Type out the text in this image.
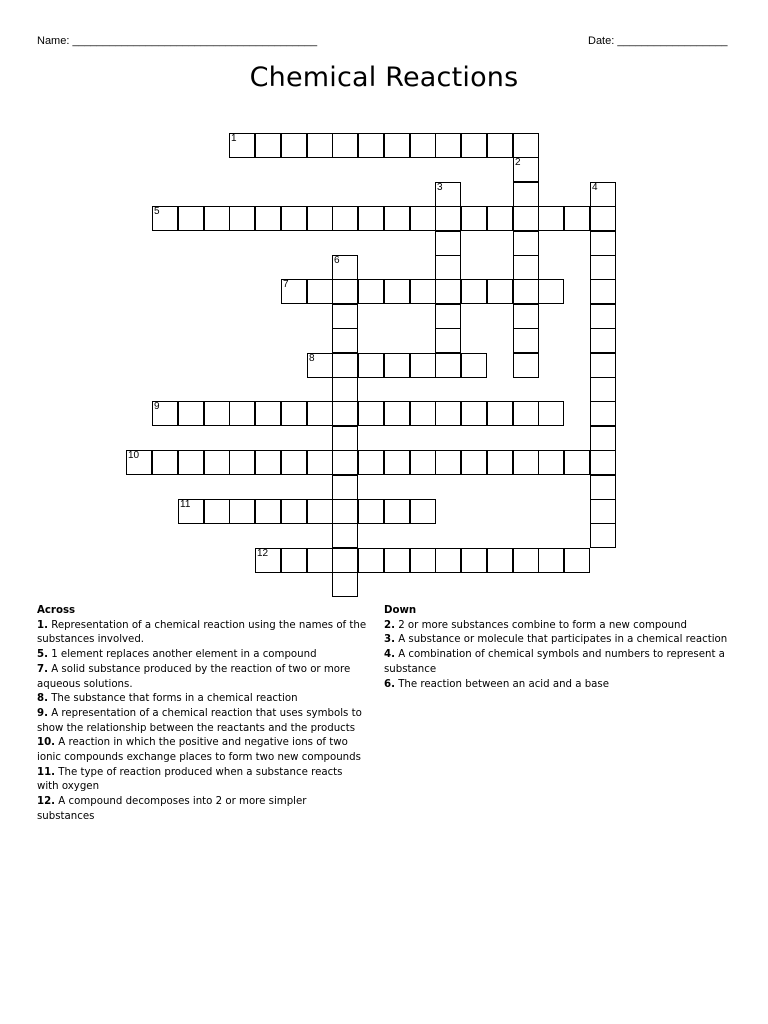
Name: ________________________________________	Date: __________________
Chemical Reactions
1
2
3	4
5
6
7
8
9
10
11
12
Across

1. Representation of a chemical reaction using the names of the substances involved.

5. 1 element replaces another element in a compound

7. A solid substance produced by the reaction of two or more aqueous solutions.

8. The substance that forms in a chemical reaction

9. A representation of a chemical reaction that uses symbols to show the relationship between the reactants and the products

10. A reaction in which the positive and negative ions of two ionic compounds exchange places to form two new compounds

11. The type of reaction produced when a substance reacts with oxygen

12. A compound decomposes into 2 or more simpler substances

Down

2. 2 or more substances combine to form a new compound

3. A substance or molecule that participates in a chemical reaction

4. A combination of chemical symbols and numbers to represent a substance

6. The reaction between an acid and a base
